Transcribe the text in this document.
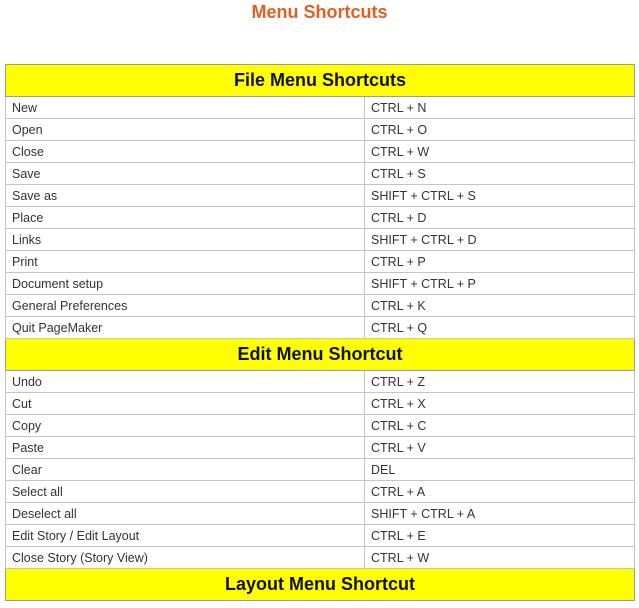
Menu Shortcuts
File Menu Shortcuts	
New	CTRL + N
Open	CTRL + O
Close	CTRL + W
Save	CTRL + S
Save as	SHIFT + CTRL + S
Place	CTRL + D
Links	SHIFT + CTRL + D
Print	CTRL + P
Document setup	SHIFT + CTRL + P
General Preferences	CTRL + K
Quit PageMaker	CTRL + Q
Edit Menu Shortcut	
Undo	CTRL + Z
Cut	CTRL + X
Copy	CTRL + C
Paste	CTRL + V
Clear	DEL
Select all	CTRL + A
Deselect all	SHIFT + CTRL + A
Edit Story / Edit Layout	CTRL + E
Close Story (Story View)	CTRL + W
Layout Menu Shortcut	
